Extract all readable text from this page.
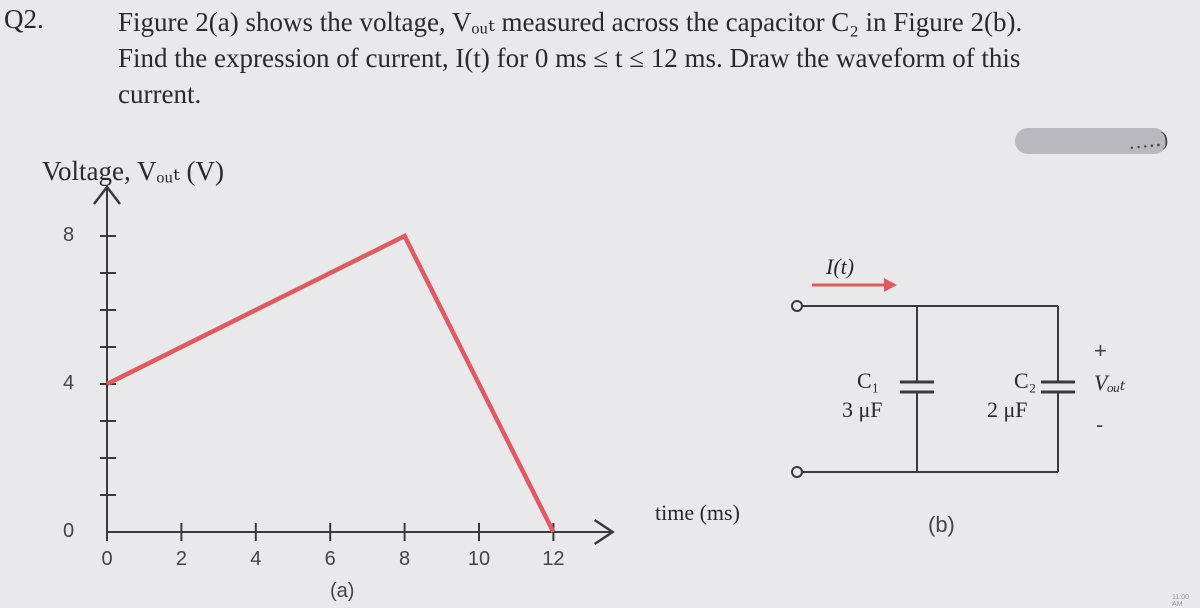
Q2.	Figure 2(a) shows the voltage, Vₒᵤₜ measured across the capacitor C₂ in Figure 2(b).
Find the expression of current, I(t) for 0 ms ≤ t ≤ 12 ms. Draw the waveform of this
current.
…‥)
Voltage, Vₒᵤₜ (V)
I(t)
C₁
3 μF
C₂
2 μF
+
Vₒᵤₜ
-
(b)
0
4
8
0	2	4	6	8	10	12
time (ms)
(a)	11:00 AM
